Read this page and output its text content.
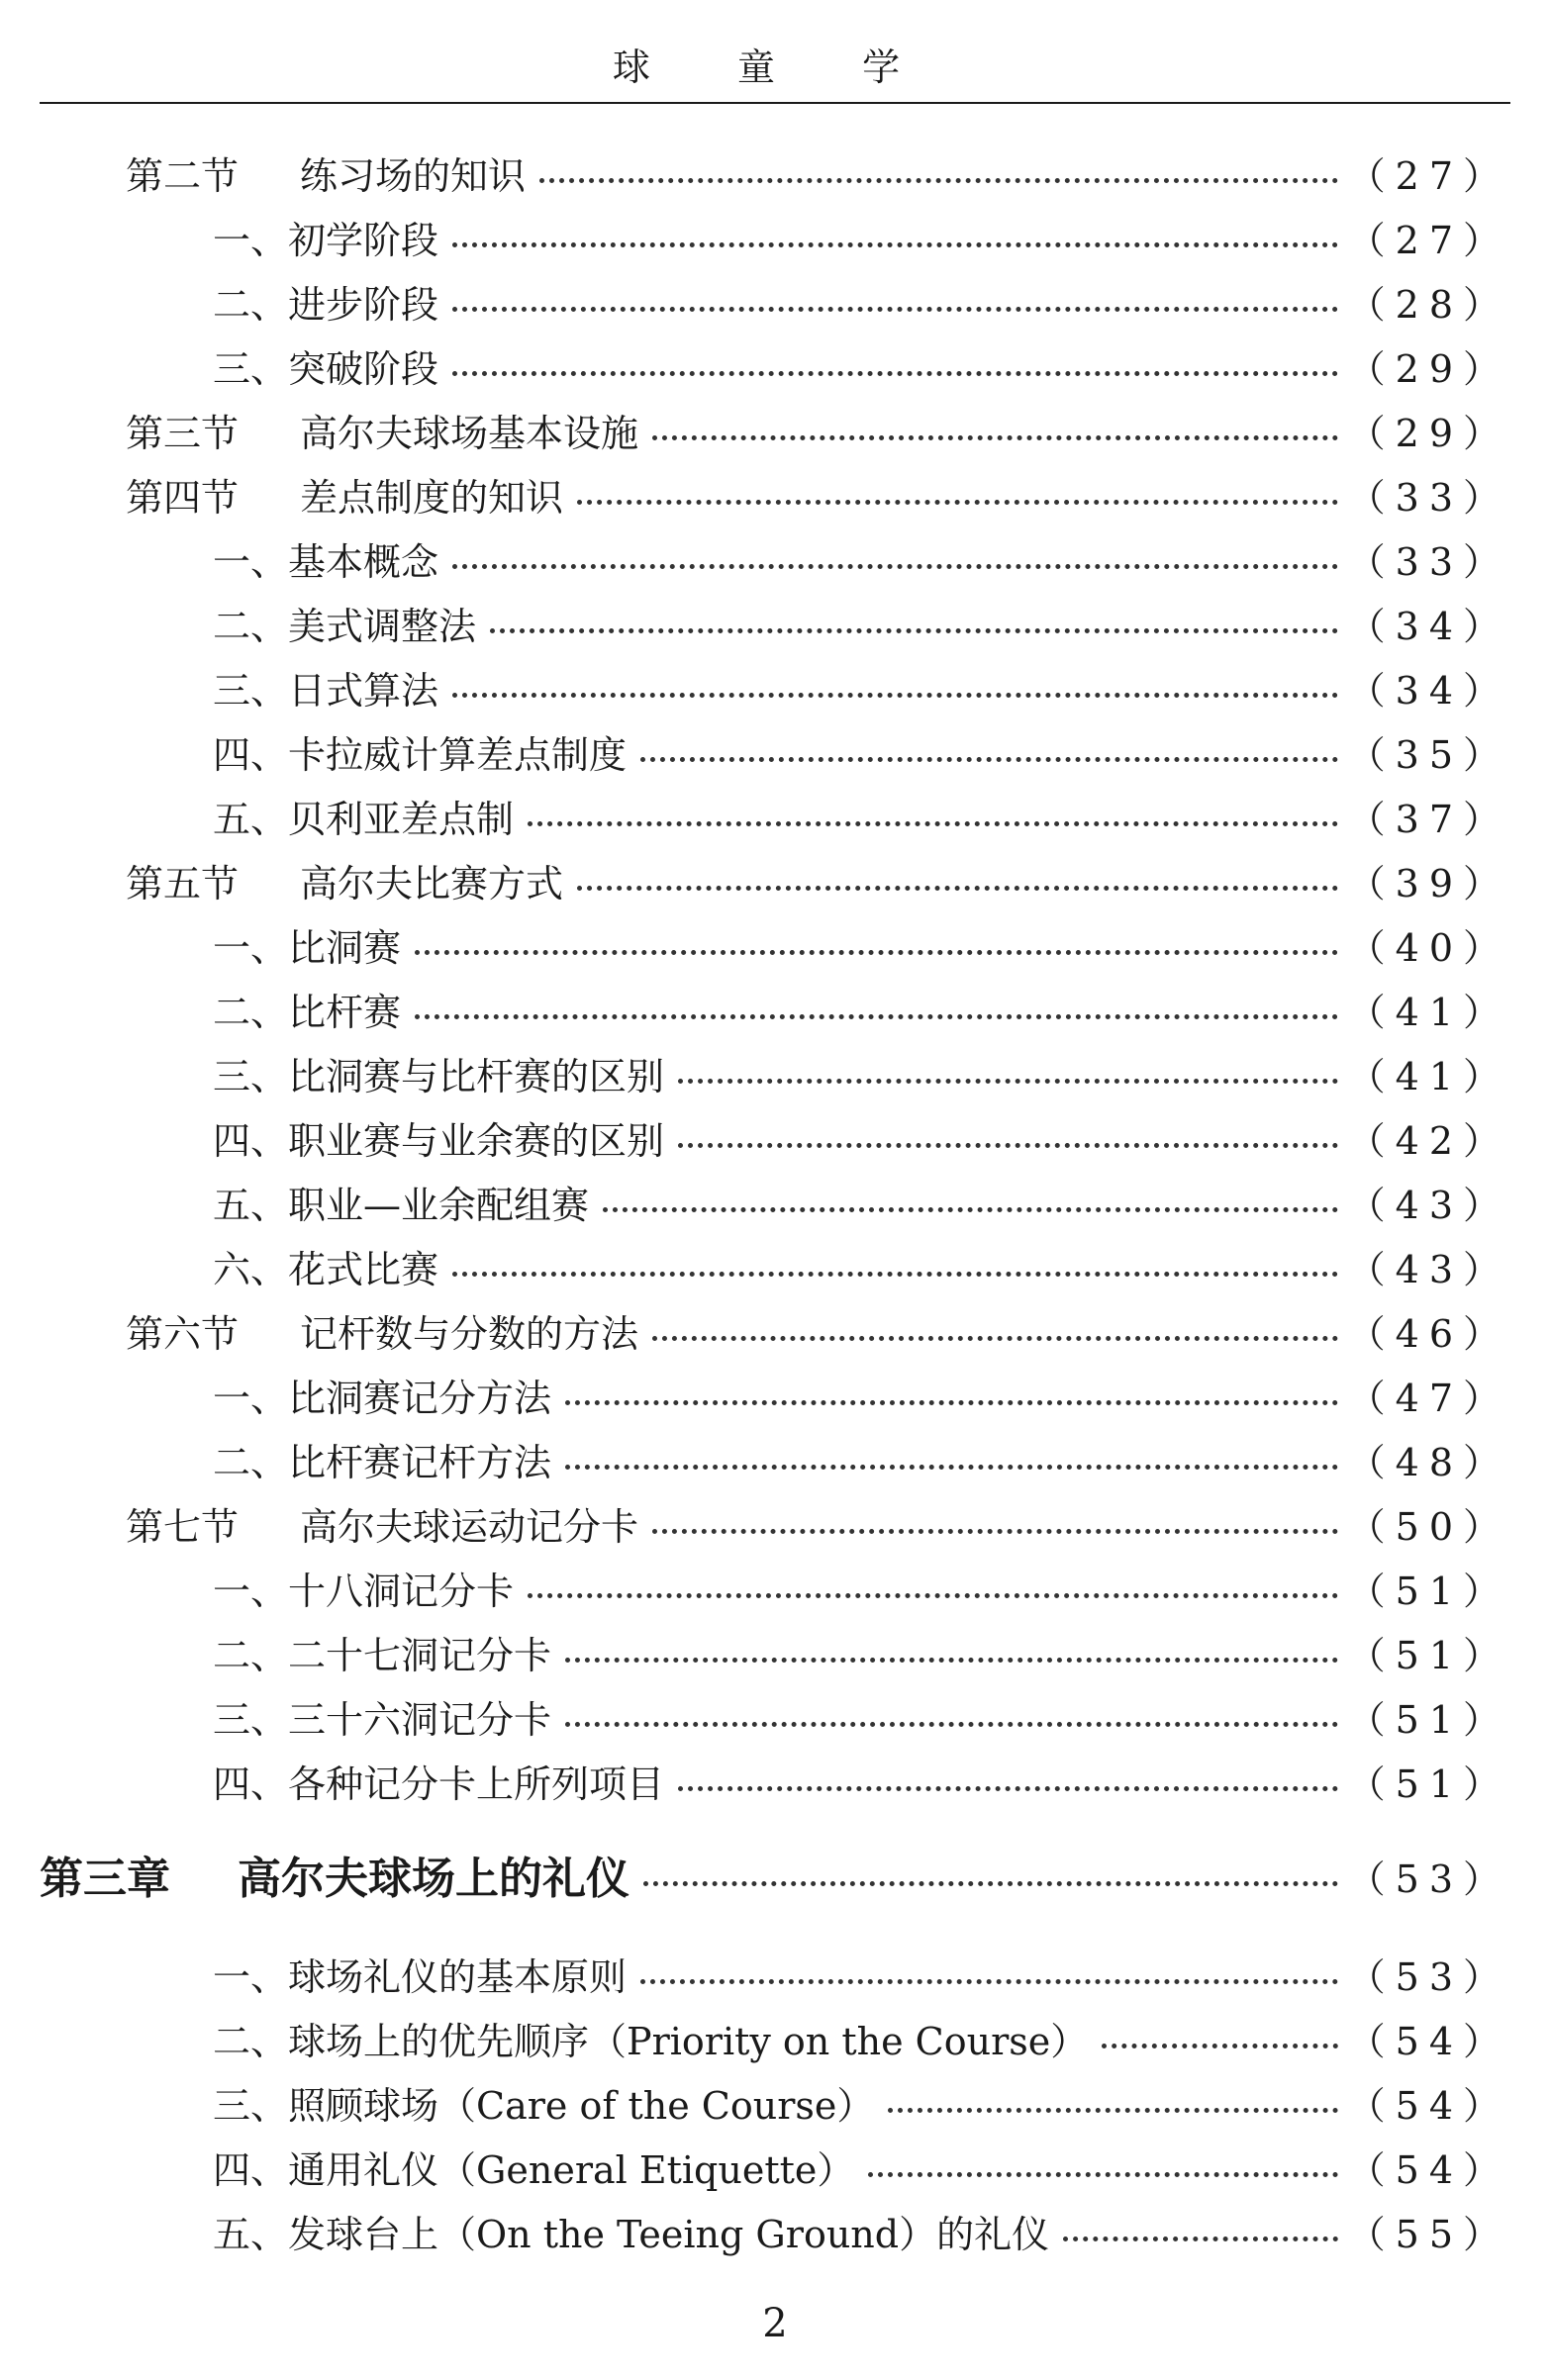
球 童 学
第二节	练习场的知识	（27）
一、 初学阶段	（27）
二、 进步阶段	（28）
三、 突破阶段	（29）
第三节	高尔夫球场基本设施	（29）
第四节	差点制度的知识	（33）
一、 基本概念	（33）
二、 美式调整法	（34）
三、 日式算法	（34）
四、 卡拉威计算差点制度	（35）
五、 贝利亚差点制	（37）
第五节	高尔夫比赛方式	（39）
一、 比洞赛	（40）
二、 比杆赛	（41）
三、 比洞赛与比杆赛的区别	（41）
四、 职业赛与业余赛的区别	（42）
五、 职业—业余配组赛	（43）
六、 花式比赛	（43）
第六节	记杆数与分数的方法	（46）
一、 比洞赛记分方法	（47）
二、 比杆赛记杆方法	（48）
第七节	高尔夫球运动记分卡	（50）
一、 十八洞记分卡	（51）
二、 二十七洞记分卡	（51）
三、 三十六洞记分卡	（51）
四、 各种记分卡上所列项目	（51）
第三章	高尔夫球场上的礼仪	（53）
一、 球场礼仪的基本原则	（53）
二、 球场上的优先顺序（Priority on the Course）	（54）
三、 照顾球场（Care of the Course）	（54）
四、 通用礼仪（General Etiquette）	（54）
五、 发球台上（On the Teeing Ground）的礼仪	（55）
2
